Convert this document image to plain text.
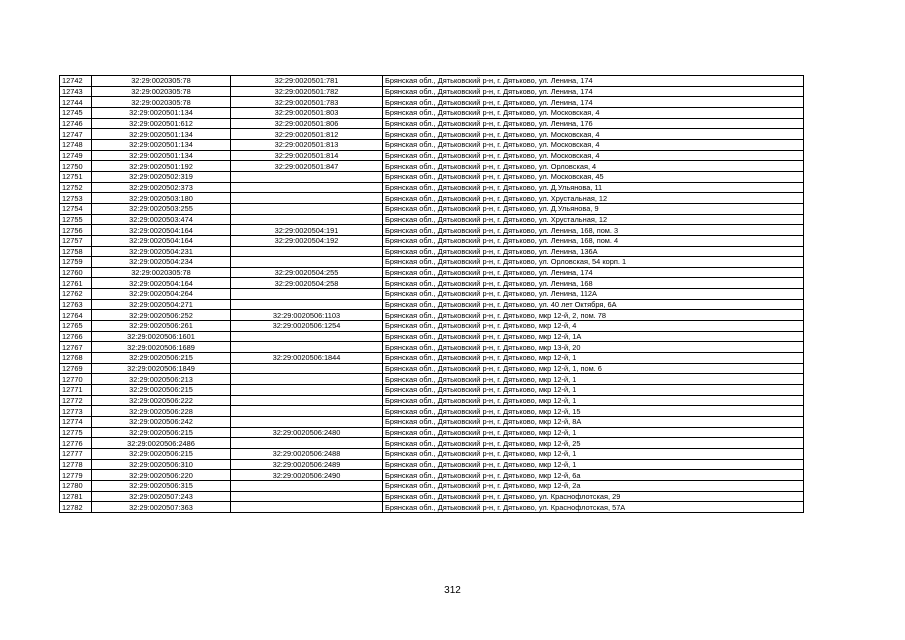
12742	32:29:0020305:78	32:29:0020501:781	Брянская обл., Дятьковский р-н, г. Дятьково, ул. Ленина, 174
12743	32:29:0020305:78	32:29:0020501:782	Брянская обл., Дятьковский р-н, г. Дятьково, ул. Ленина, 174
12744	32:29:0020305:78	32:29:0020501:783	Брянская обл., Дятьковский р-н, г. Дятьково, ул. Ленина, 174
12745	32:29:0020501:134	32:29:0020501:803	Брянская обл., Дятьковский р-н, г. Дятьково, ул. Московская, 4
12746	32:29:0020501:612	32:29:0020501:806	Брянская обл., Дятьковский р-н, г. Дятьково, ул. Ленина, 176
12747	32:29:0020501:134	32:29:0020501:812	Брянская обл., Дятьковский р-н, г. Дятьково, ул. Московская, 4
12748	32:29:0020501:134	32:29:0020501:813	Брянская обл., Дятьковский р-н, г. Дятьково, ул. Московская, 4
12749	32:29:0020501:134	32:29:0020501:814	Брянская обл., Дятьковский р-н, г. Дятьково, ул. Московская, 4
12750	32:29:0020501:192	32:29:0020501:847	Брянская обл., Дятьковский р-н, г. Дятьково, ул. Орловская, 4
12751	32:29:0020502:319		Брянская обл., Дятьковский р-н, г. Дятьково, ул. Московская, 45
12752	32:29:0020502:373		Брянская обл., Дятьковский р-н, г. Дятьково, ул. Д.Ульянова, 11
12753	32:29:0020503:180		Брянская обл., Дятьковский р-н, г. Дятьково, ул. Хрустальная, 12
12754	32:29:0020503:255		Брянская обл., Дятьковский р-н, г. Дятьково, ул. Д.Ульянова, 9
12755	32:29:0020503:474		Брянская обл., Дятьковский р-н, г. Дятьково, ул. Хрустальная, 12
12756	32:29:0020504:164	32:29:0020504:191	Брянская обл., Дятьковский р-н, г. Дятьково, ул. Ленина, 168, пом. 3
12757	32:29:0020504:164	32:29:0020504:192	Брянская обл., Дятьковский р-н, г. Дятьково, ул. Ленина, 168, пом. 4
12758	32:29:0020504:231		Брянская обл., Дятьковский р-н, г. Дятьково, ул. Ленина, 136А
12759	32:29:0020504:234		Брянская обл., Дятьковский р-н, г. Дятьково, ул. Орловская, 54 корп. 1
12760	32:29:0020305:78	32:29:0020504:255	Брянская обл., Дятьковский р-н, г. Дятьково, ул. Ленина, 174
12761	32:29:0020504:164	32:29:0020504:258	Брянская обл., Дятьковский р-н, г. Дятьково, ул. Ленина, 168
12762	32:29:0020504:264		Брянская обл., Дятьковский р-н, г. Дятьково, ул. Ленина, 112А
12763	32:29:0020504:271		Брянская обл., Дятьковский р-н, г. Дятьково, ул. 40 лет Октября, 6А
12764	32:29:0020506:252	32:29:0020506:1103	Брянская обл., Дятьковский р-н, г. Дятьково, мкр 12-й, 2, пом. 78
12765	32:29:0020506:261	32:29:0020506:1254	Брянская обл., Дятьковский р-н, г. Дятьково, мкр 12-й, 4
12766	32:29:0020506:1601		Брянская обл., Дятьковский р-н, г. Дятьково, мкр 12-й, 1А
12767	32:29:0020506:1689		Брянская обл., Дятьковский р-н, г. Дятьково, мкр 13-й, 20
12768	32:29:0020506:215	32:29:0020506:1844	Брянская обл., Дятьковский р-н, г. Дятьково, мкр 12-й, 1
12769	32:29:0020506:1849		Брянская обл., Дятьковский р-н, г. Дятьково, мкр 12-й, 1, пом. 6
12770	32:29:0020506:213		Брянская обл., Дятьковский р-н, г. Дятьково, мкр 12-й, 1
12771	32:29:0020506:215		Брянская обл., Дятьковский р-н, г. Дятьково, мкр 12-й, 1
12772	32:29:0020506:222		Брянская обл., Дятьковский р-н, г. Дятьково, мкр 12-й, 1
12773	32:29:0020506:228		Брянская обл., Дятьковский р-н, г. Дятьково, мкр 12-й, 15
12774	32:29:0020506:242		Брянская обл., Дятьковский р-н, г. Дятьково, мкр 12-й, 8А
12775	32:29:0020506:215	32:29:0020506:2480	Брянская обл., Дятьковский р-н, г. Дятьково, мкр 12-й, 1
12776	32:29:0020506:2486		Брянская обл., Дятьковский р-н, г. Дятьково, мкр 12-й, 25
12777	32:29:0020506:215	32:29:0020506:2488	Брянская обл., Дятьковский р-н, г. Дятьково, мкр 12-й, 1
12778	32:29:0020506:310	32:29:0020506:2489	Брянская обл., Дятьковский р-н, г. Дятьково, мкр 12-й, 1
12779	32:29:0020506:220	32:29:0020506:2490	Брянская обл., Дятьковский р-н, г. Дятьково, мкр 12-й, 6а
12780	32:29:0020506:315		Брянская обл., Дятьковский р-н, г. Дятьково, мкр 12-й, 2а
12781	32:29:0020507:243		Брянская обл., Дятьковский р-н, г. Дятьково, ул. Краснофлотская, 29
12782	32:29:0020507:363		Брянская обл., Дятьковский р-н, г. Дятьково, ул. Краснофлотская, 57А
312
